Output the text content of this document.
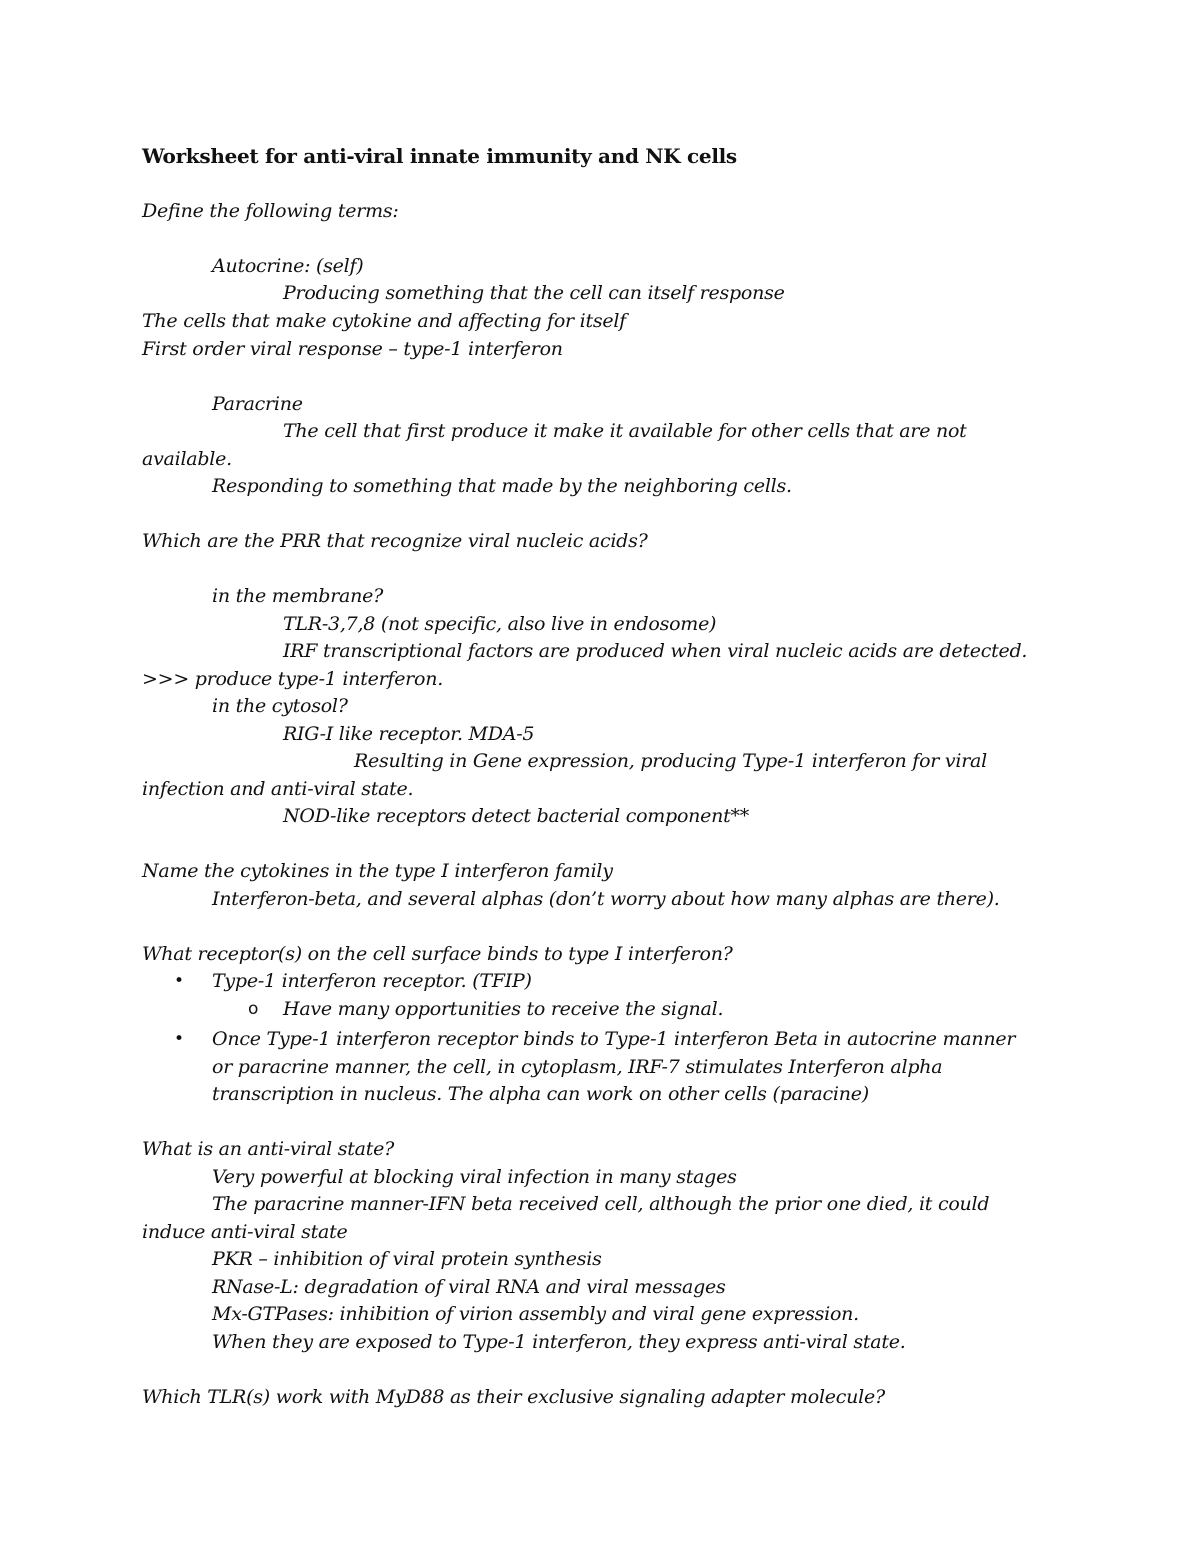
Worksheet for anti-viral innate immunity and NK cells
Define the following terms:
Autocrine: (self)
Producing something that the cell can itself response
The cells that make cytokine and affecting for itself
First order viral response – type-1 interferon
Paracrine
The cell that first produce it make it available for other cells that are not
available.
Responding to something that made by the neighboring cells.
Which are the PRR that recognize viral nucleic acids?
in the membrane?
TLR-3,7,8 (not specific, also live in endosome)
IRF transcriptional factors are produced when viral nucleic acids are detected.
>>> produce type-1 interferon.
in the cytosol?
RIG-I like receptor. MDA-5
Resulting in Gene expression, producing Type-1 interferon for viral
infection and anti-viral state.
NOD-like receptors detect bacterial component**
Name the cytokines in the type I interferon family
Interferon-beta, and several alphas (don’t worry about how many alphas are there).
What receptor(s) on the cell surface binds to type I interferon?
• Type-1 interferon receptor. (TFIP)
o Have many opportunities to receive the signal.
• Once Type-1 interferon receptor binds to Type-1 interferon Beta in autocrine manner
or paracrine manner, the cell, in cytoplasm, IRF-7 stimulates Interferon alpha
transcription in nucleus. The alpha can work on other cells (paracine)
What is an anti-viral state?
Very powerful at blocking viral infection in many stages
The paracrine manner-IFN beta received cell, although the prior one died, it could
induce anti-viral state
PKR – inhibition of viral protein synthesis
RNase-L: degradation of viral RNA and viral messages
Mx-GTPases: inhibition of virion assembly and viral gene expression.
When they are exposed to Type-1 interferon, they express anti-viral state.
Which TLR(s) work with MyD88 as their exclusive signaling adapter molecule?
